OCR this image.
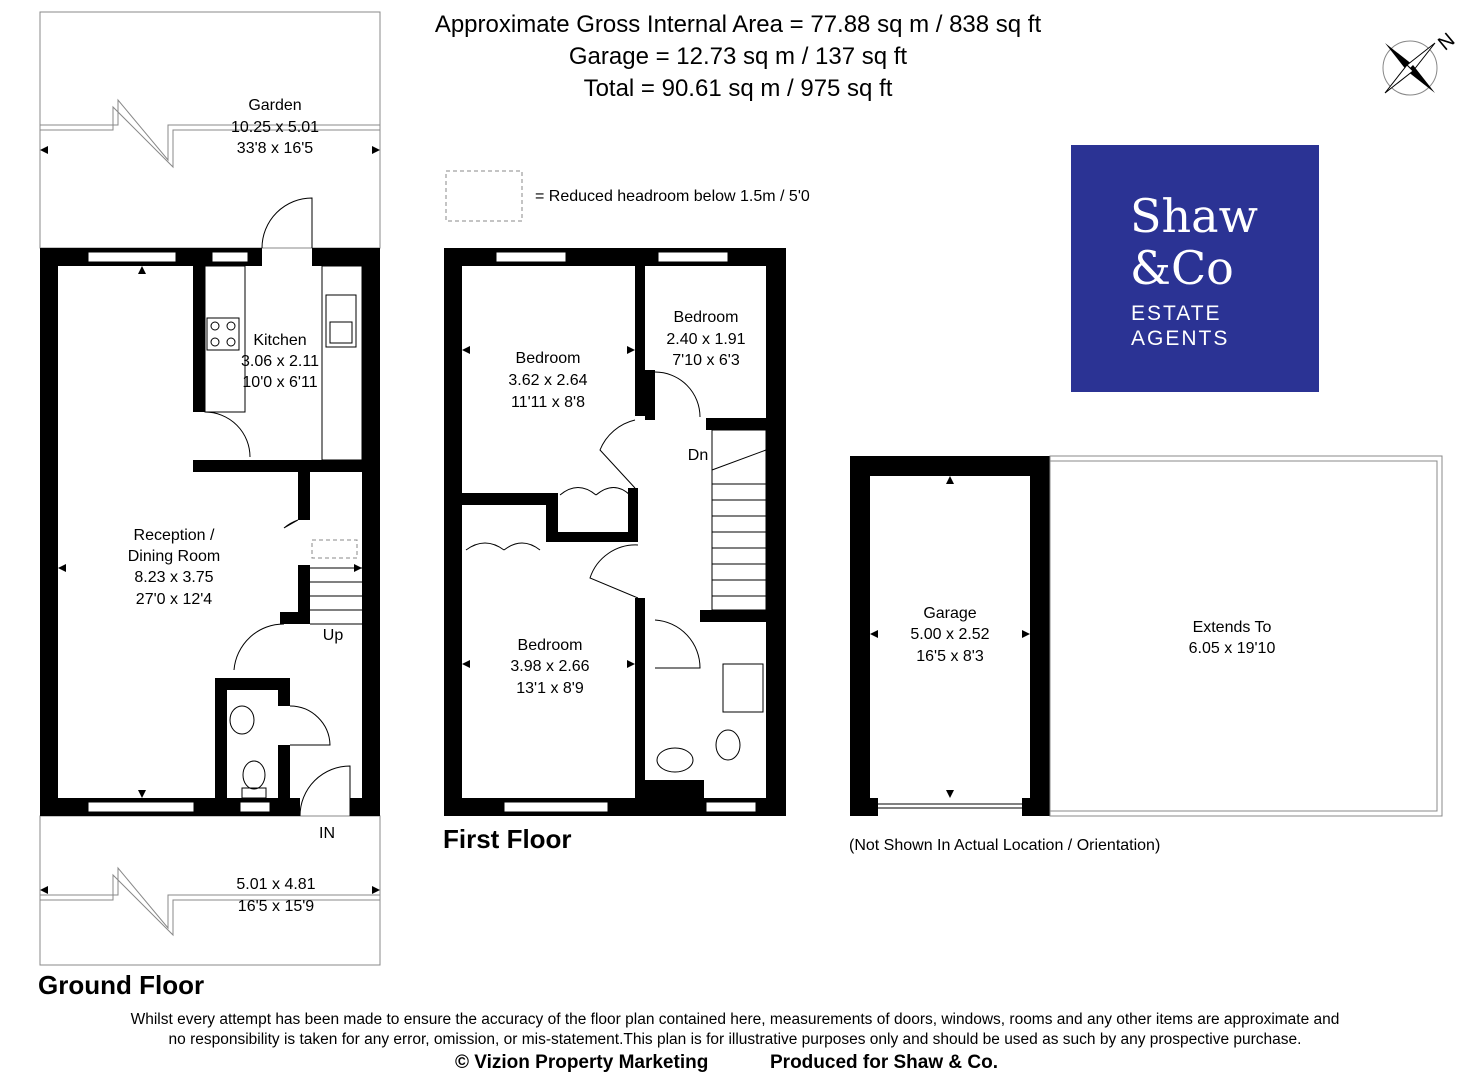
Approximate Gross Internal Area = 77.88 sq m / 838 sq ft
Garage = 12.73 sq m / 137 sq ft
Total = 90.61 sq m / 975 sq ft
N
= Reduced headroom below 1.5m / 5'0	Shaw
&Co
ESTATE
AGENTS
Garden
10.25 x 5.01
33'8 x 16'5
Kitchen
3.06 x 2.11
10'0 x 6'11
Reception /
Dining Room
8.23 x 3.75
27'0 x 12'4
Up
IN
5.01 x 4.81
16'5 x 15'9
Ground Floor
Bedroom
3.62 x 2.64
11'11 x 8'8
Bedroom
2.40 x 1.91
7'10 x 6'3
Bedroom
3.98 x 2.66
13'1 x 8'9
Dn
First Floor
Garage
5.00 x 2.52
16'5 x 8'3
Extends To
6.05 x 19'10
(Not Shown In Actual Location / Orientation)
Whilst every attempt has been made to ensure the accuracy of the floor plan contained here, measurements of doors, windows, rooms and any other items are approximate and
no responsibility is taken for any error, omission, or mis-statement.This plan is for illustrative purposes only and should be used as such by any prospective purchase.
© Vizion Property Marketing	Produced for Shaw & Co.
